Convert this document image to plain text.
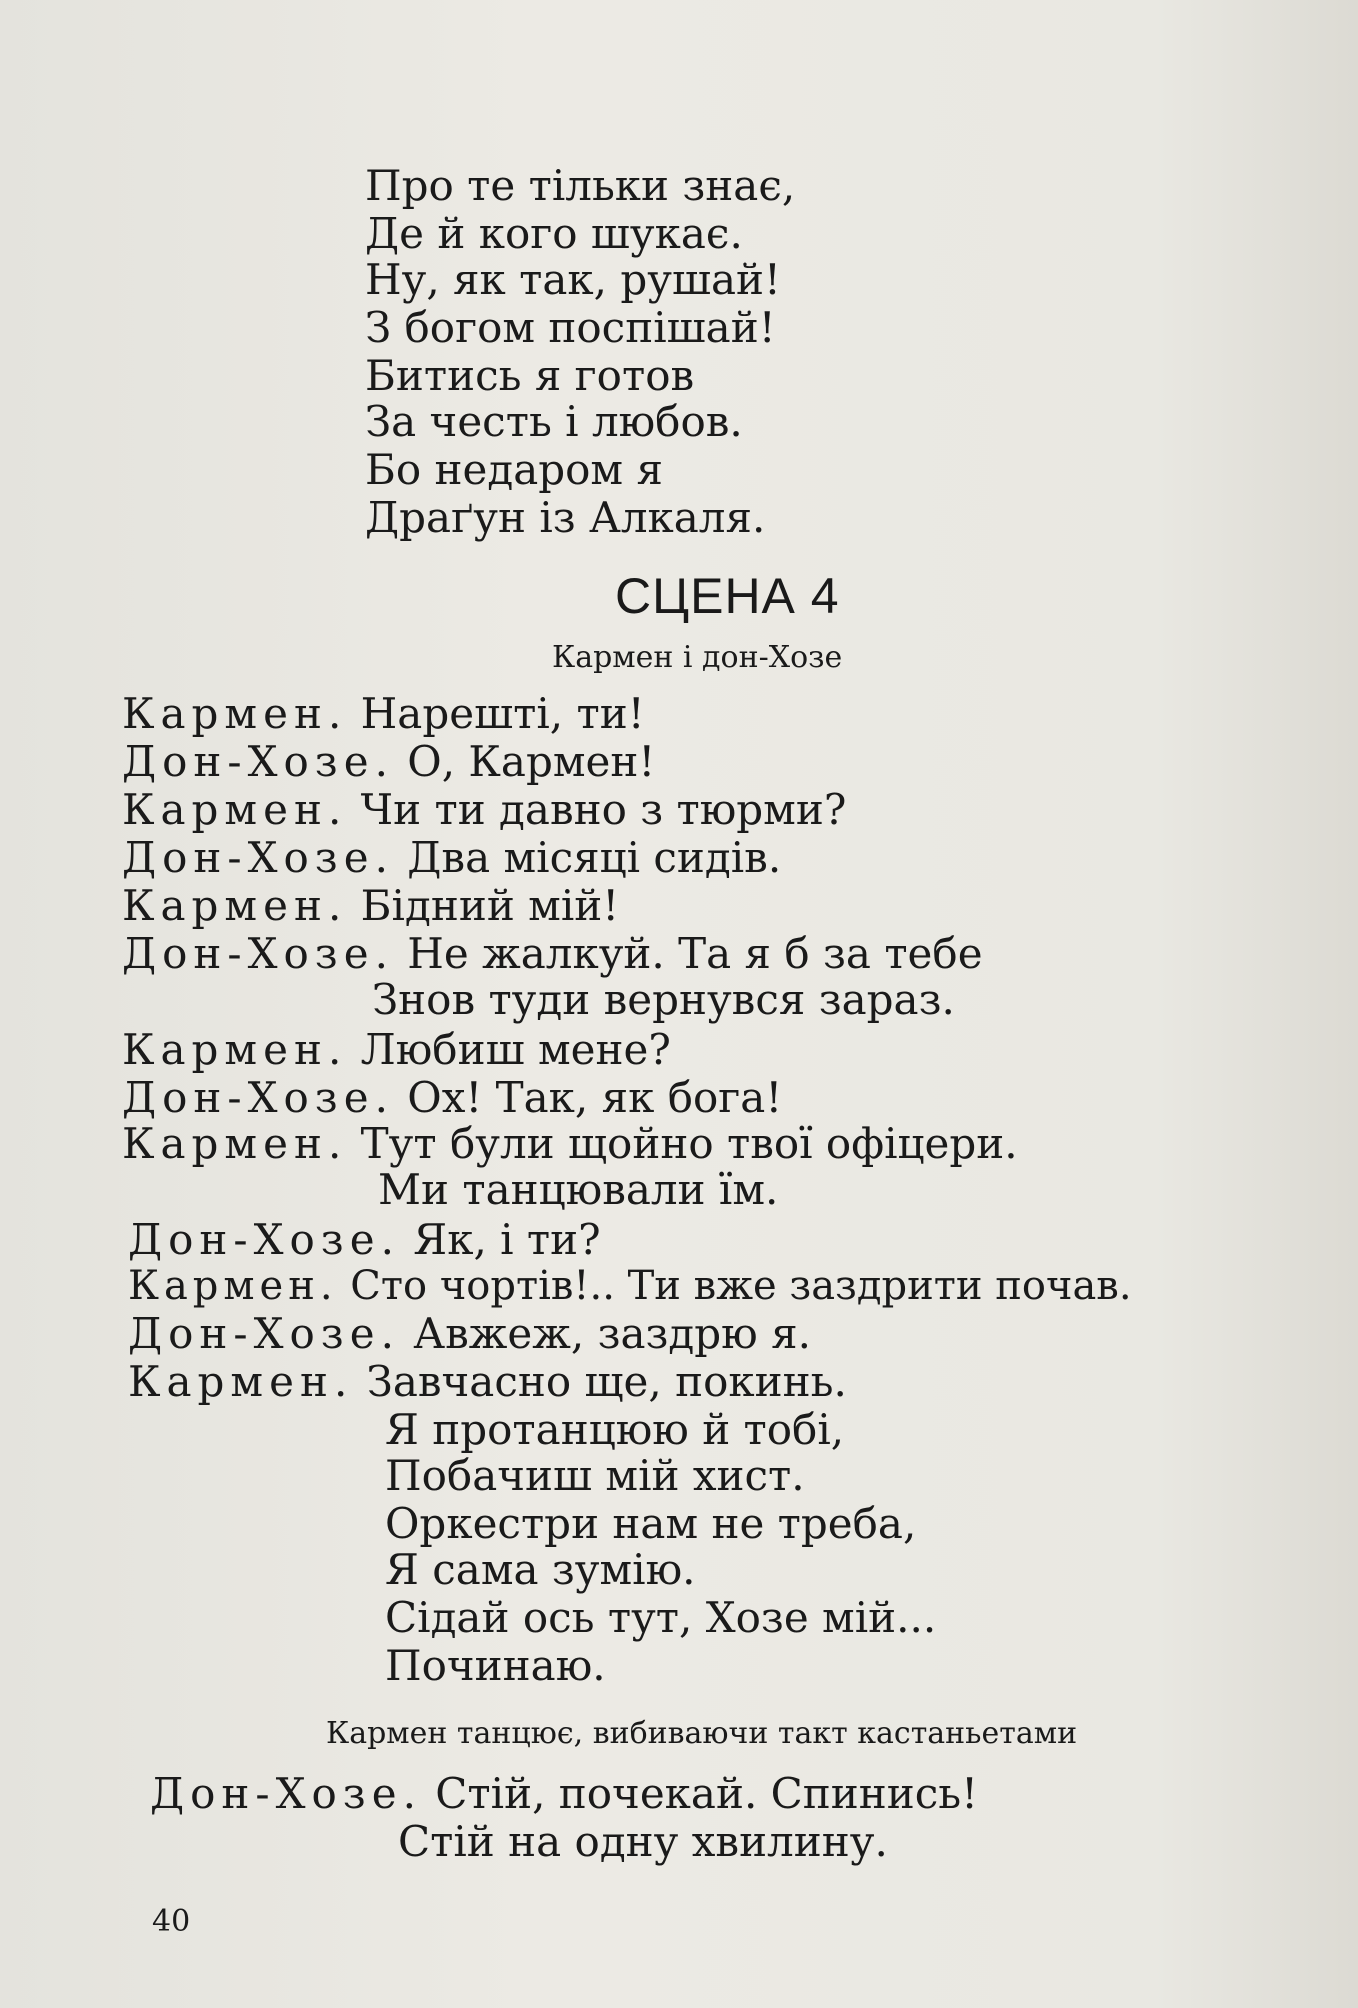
Про те тільки знає,
Де й кого шукає.
Ну, як так, рушай!
З богом поспішай!
Битись я готов
За честь і любов.
Бо недаром я
Драґун із Алкаля.
СЦЕНА 4
Кармен і дон-Хозе
Кармен. Нарешті, ти!
Дон-Хозе. О, Кармен!
Кармен. Чи ти давно з тюрми?
Дон-Хозе. Два місяці сидів.
Кармен. Бідний мій!
Дон-Хозе. Не жалкуй. Та я б за тебе
Знов туди вернувся зараз.
Кармен. Любиш мене?
Дон-Хозе. Ох! Так, як бога!
Кармен. Тут були щойно твої офіцери.
Ми танцювали їм.
Дон-Хозе. Як, і ти?
Кармен. Сто чортів!.. Ти вже заздрити почав.
Дон-Хозе. Авжеж, заздрю я.
Кармен. Завчасно ще, покинь.
Я протанцюю й тобі,
Побачиш мій хист.
Оркестри нам не треба,
Я сама зумію.
Сідай ось тут, Хозе мій...
Починаю.
Кармен танцює, вибиваючи такт кастаньетами
Дон-Хозе. Стій, почекай. Спинись!
Стій на одну хвилину.
40
